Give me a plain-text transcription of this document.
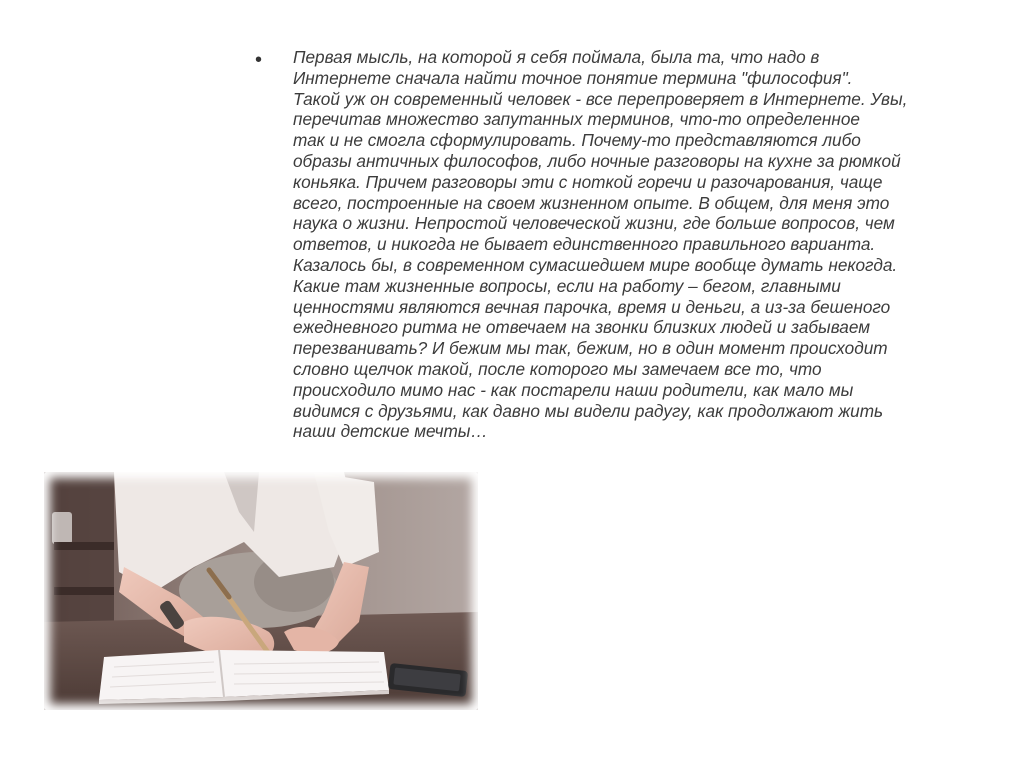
• Первая мысль, на которой я себя поймала, была та, что надо в
Интернете сначала найти точное понятие термина "философия".
Такой уж он современный человек - все перепроверяет в Интернете. Увы,
перечитав множество запутанных терминов, что-то определенное
так и не смогла сформулировать. Почему-то представляются либо
образы античных философов, либо ночные разговоры на кухне за рюмкой
коньяка. Причем разговоры эти с ноткой горечи и разочарования, чаще
всего, построенные на своем жизненном опыте. В общем, для меня это
наука о жизни. Непростой человеческой жизни, где больше вопросов, чем
ответов, и никогда не бывает единственного правильного варианта.
Казалось бы, в современном сумасшедшем мире вообще думать некогда.
Какие там жизненные вопросы, если на работу – бегом, главными
ценностями являются вечная парочка, время и деньги, а из-за бешеного
ежедневного ритма не отвечаем на звонки близких людей и забываем
перезванивать? И бежим мы так, бежим, но в один момент происходит
словно щелчок такой, после которого мы замечаем все то, что
происходило мимо нас - как постарели наши родители, как мало мы
видимся с друзьями, как давно мы видели радугу, как продолжают жить
наши детские мечты…
